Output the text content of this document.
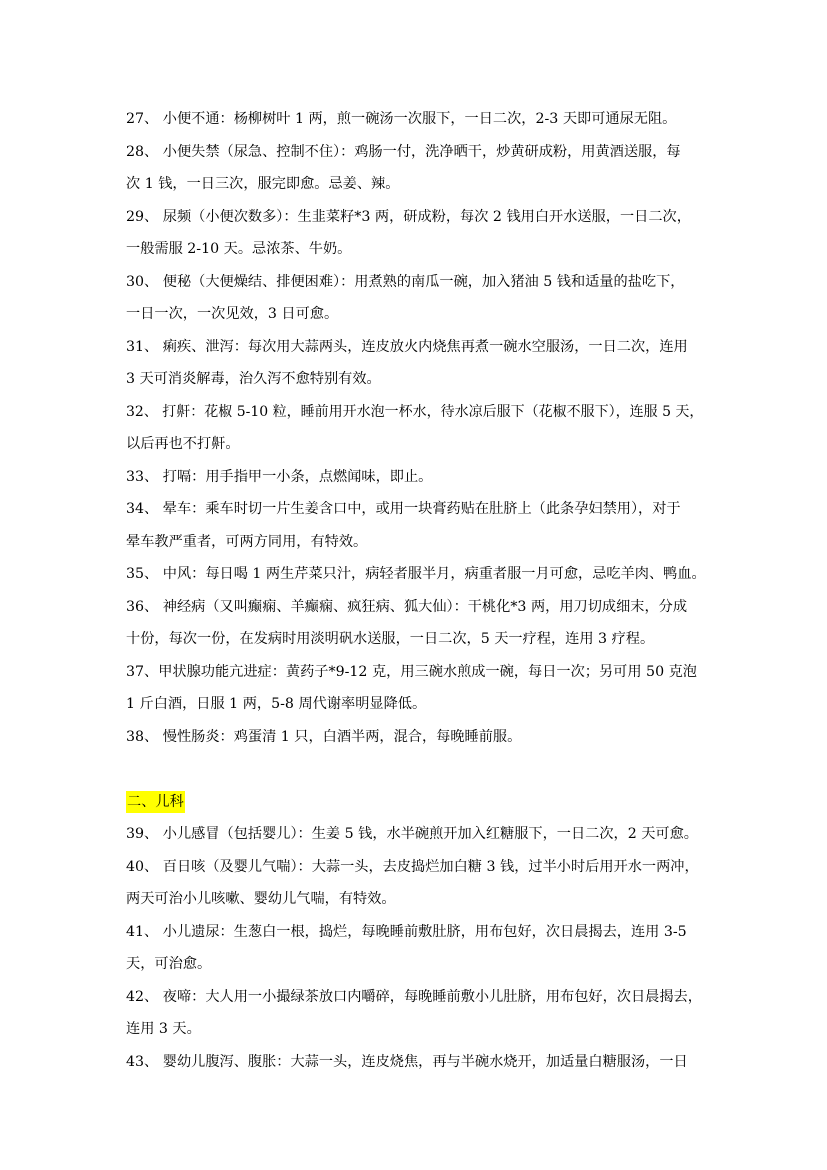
27、 小便不通：杨柳树叶 1 两，煎一碗汤一次服下，一日二次，2-3 天即可通尿无阻。
28、 小便失禁（尿急、控制不住）：鸡肠一付，洗净晒干，炒黄研成粉，用黄酒送服，每
次 1 钱，一日三次，服完即愈。忌姜、辣。
29、 尿频（小便次数多）：生韭菜籽*3 两，研成粉，每次 2 钱用白开水送服，一日二次，
一般需服 2-10 天。忌浓茶、牛奶。
30、 便秘（大便燥结、排便困难）：用煮熟的南瓜一碗，加入猪油 5 钱和适量的盐吃下，
一日一次，一次见效，3 日可愈。
31、 痢疾、泄泻：每次用大蒜两头，连皮放火内烧焦再煮一碗水空服汤，一日二次，连用
3 天可消炎解毒，治久泻不愈特别有效。
32、 打鼾：花椒 5-10 粒，睡前用开水泡一杯水，待水凉后服下（花椒不服下），连服 5 天，
以后再也不打鼾。
33、 打嗝：用手指甲一小条，点燃闻味，即止。
34、 晕车：乘车时切一片生姜含口中，或用一块膏药贴在肚脐上（此条孕妇禁用），对于
晕车教严重者，可两方同用，有特效。
35、 中风：每日喝 1 两生芹菜只汁，病轻者服半月，病重者服一月可愈，忌吃羊肉、鸭血。
36、 神经病（又叫癫痫、羊癫痫、疯狂病、狐大仙）：干桃化*3 两，用刀切成细末，分成
十份，每次一份，在发病时用淡明矾水送服，一日二次，5 天一疗程，连用 3 疗程。
37、甲状腺功能亢进症：黄药子*9-12 克，用三碗水煎成一碗，每日一次；另可用 50 克泡
1 斤白酒，日服 1 两，5-8 周代谢率明显降低。
38、 慢性肠炎：鸡蛋清 1 只，白酒半两，混合，每晚睡前服。
二、儿科
39、 小儿感冒（包括婴儿）：生姜 5 钱，水半碗煎开加入红糖服下，一日二次，2 天可愈。
40、 百日咳（及婴儿气喘）：大蒜一头，去皮捣烂加白糖 3 钱，过半小时后用开水一两冲，
两天可治小儿咳嗽、婴幼儿气喘，有特效。
41、 小儿遗尿：生葱白一根，捣烂，每晚睡前敷肚脐，用布包好，次日晨揭去，连用 3-5
天，可治愈。
42、 夜啼：大人用一小撮绿茶放口内嚼碎，每晚睡前敷小儿肚脐，用布包好，次日晨揭去，
连用 3 天。
43、 婴幼儿腹泻、腹胀：大蒜一头，连皮烧焦，再与半碗水烧开，加适量白糖服汤，一日
